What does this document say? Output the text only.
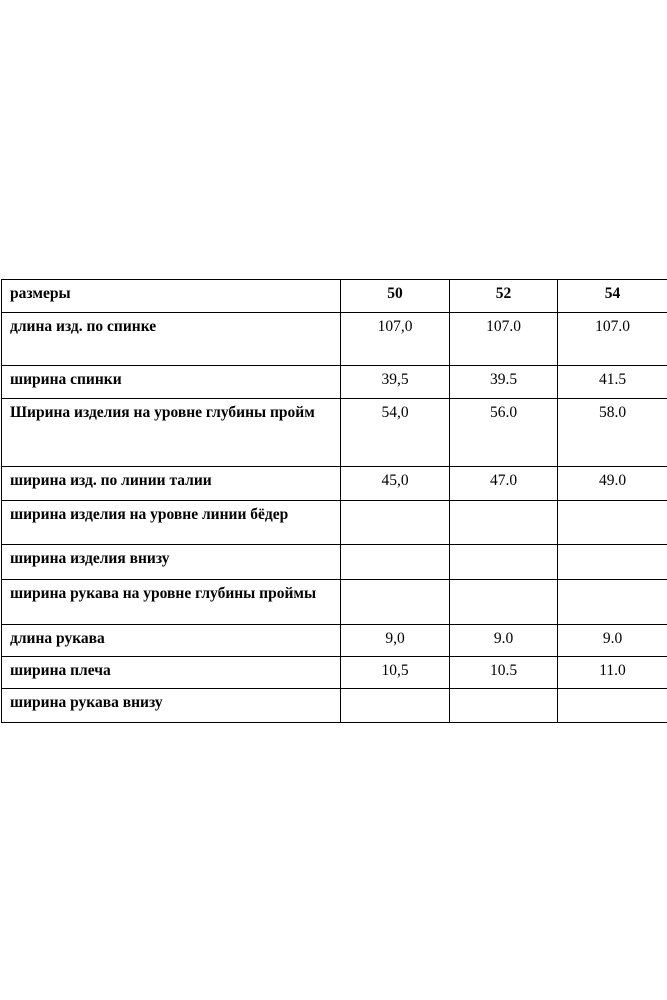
размеры	50	52	54
длина изд. по спинке	107,0	107.0	107.0
ширина спинки	39,5	39.5	41.5
Ширина изделия на уровне глубины пройм	54,0	56.0	58.0
ширина изд. по линии талии	45,0	47.0	49.0
ширина изделия на уровне линии бёдер			
ширина изделия внизу			
ширина рукава на уровне глубины проймы			
длина рукава	9,0	9.0	9.0
ширина плеча	10,5	10.5	11.0
ширина рукава внизу			
